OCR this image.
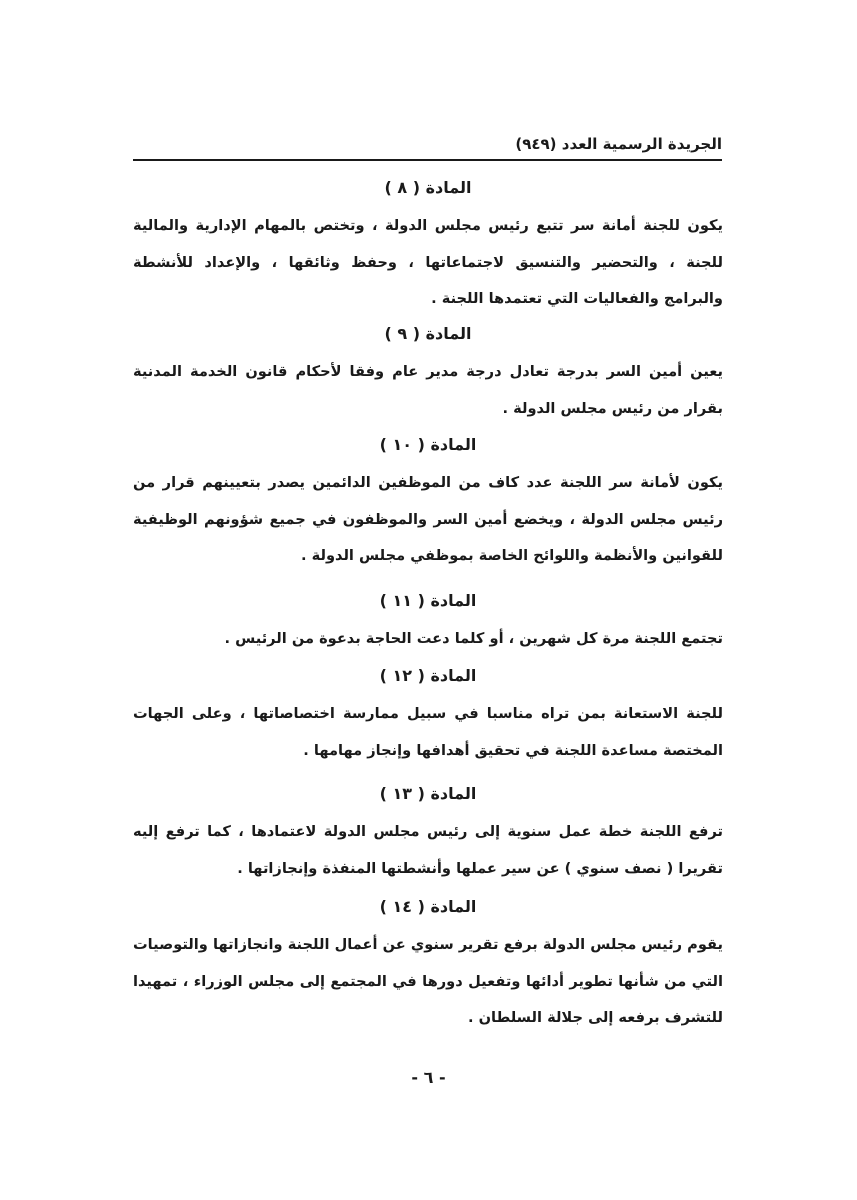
الجريدة الرسمية العدد (٩٤٩)
المادة ( ٨ )
يكون للجنة أمانة سر تتبع رئيس مجلس الدولة ، وتختص بالمهام الإدارية والمالية للجنة ، والتحضير والتنسيق لاجتماعاتها ، وحفظ وثائقها ، والإعداد للأنشطة والبرامج والفعاليات التي تعتمدها اللجنة .
المادة ( ٩ )
يعين أمين السر بدرجة تعادل درجة مدير عام وفقا لأحكام قانون الخدمة المدنية بقرار من رئيس مجلس الدولة .
المادة ( ١٠ )
يكون لأمانة سر اللجنة عدد كاف من الموظفين الدائمين يصدر بتعيينهم قرار من رئيس مجلس الدولة ، ويخضع أمين السر والموظفون في جميع شؤونهم الوظيفية للقوانين والأنظمة واللوائح الخاصة بموظفي مجلس الدولة .
المادة ( ١١ )
تجتمع اللجنة مرة كل شهرين ، أو كلما دعت الحاجة بدعوة من الرئيس .
المادة ( ١٢ )
للجنة الاستعانة بمن تراه مناسبا في سبيل ممارسة اختصاصاتها ، وعلى الجهات المختصة مساعدة اللجنة في تحقيق أهدافها وإنجاز مهامها .
المادة ( ١٣ )
ترفع اللجنة خطة عمل سنوية إلى رئيس مجلس الدولة لاعتمادها ، كما ترفع إليه تقريرا ( نصف سنوي ) عن سير عملها وأنشطتها المنفذة وإنجازاتها .
المادة ( ١٤ )
يقوم رئيس مجلس الدولة برفع تقرير سنوي عن أعمال اللجنة وانجازاتها والتوصيات التي من شأنها تطوير أدائها وتفعيل دورها في المجتمع إلى مجلس الوزراء ، تمهيدا للتشرف برفعه إلى جلالة السلطان .
- ٦ -
